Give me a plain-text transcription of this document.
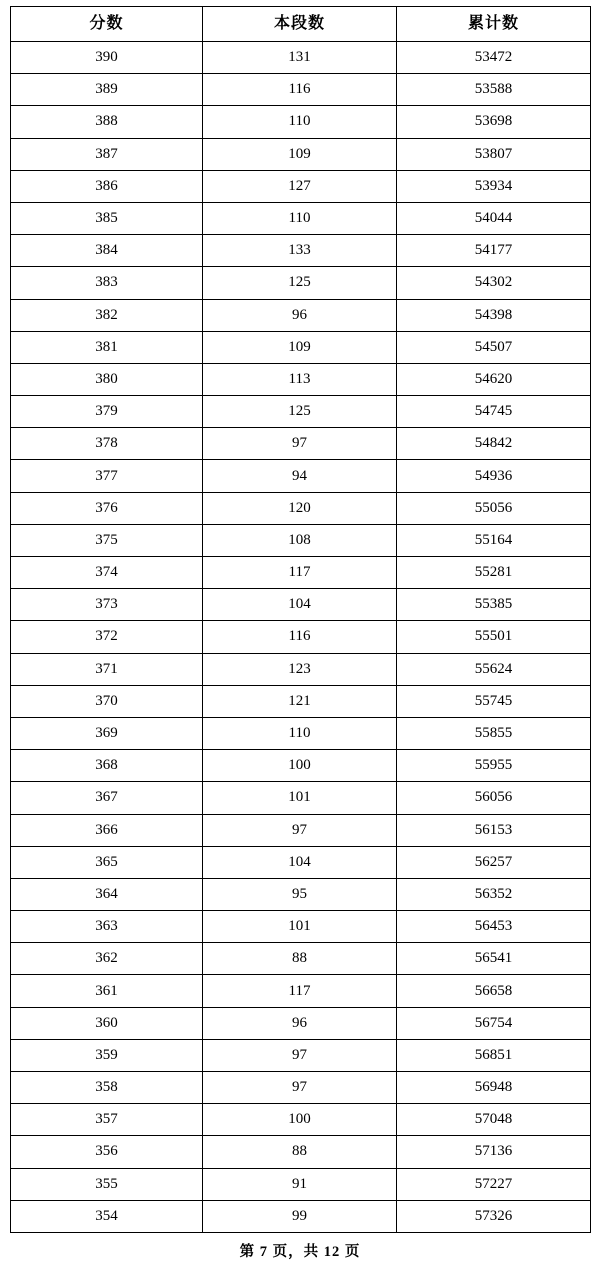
分数	本段数	累计数
390	131	53472
389	116	53588
388	110	53698
387	109	53807
386	127	53934
385	110	54044
384	133	54177
383	125	54302
382	96	54398
381	109	54507
380	113	54620
379	125	54745
378	97	54842
377	94	54936
376	120	55056
375	108	55164
374	117	55281
373	104	55385
372	116	55501
371	123	55624
370	121	55745
369	110	55855
368	100	55955
367	101	56056
366	97	56153
365	104	56257
364	95	56352
363	101	56453
362	88	56541
361	117	56658
360	96	56754
359	97	56851
358	97	56948
357	100	57048
356	88	57136
355	91	57227
354	99	57326
第 7 页，共 12 页
